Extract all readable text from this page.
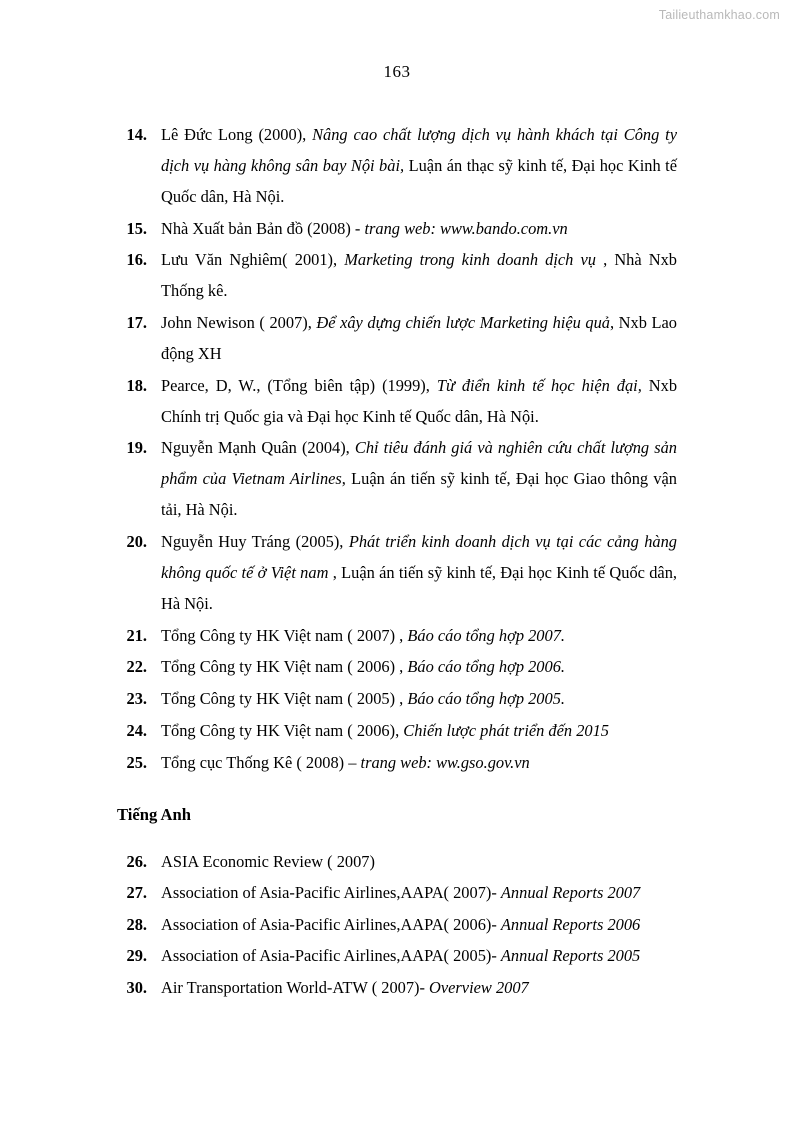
Tailieuthamkhao.com
163
14. Lê Đức Long (2000), Nâng cao chất lượng dịch vụ hành khách tại Công ty dịch vụ hàng không sân bay Nội bài, Luận án thạc sỹ kinh tế, Đại học Kinh tế Quốc dân, Hà Nội.
15. Nhà Xuất bản Bản đồ (2008) - trang web: www.bando.com.vn
16. Lưu Văn Nghiêm( 2001), Marketing trong kinh doanh dịch vụ , Nhà Nxb Thống kê.
17. John Newison ( 2007), Để xây dựng chiến lược Marketing hiệu quả, Nxb Lao động XH
18. Pearce, D, W., (Tổng biên tập) (1999), Từ điển kinh tế học hiện đại, Nxb Chính trị Quốc gia và Đại học Kinh tế Quốc dân, Hà Nội.
19. Nguyễn Mạnh Quân (2004), Chỉ tiêu đánh giá và nghiên cứu chất lượng sản phẩm của Vietnam Airlines, Luận án tiến sỹ kinh tế, Đại học Giao thông vận tải, Hà Nội.
20. Nguyễn Huy Tráng (2005), Phát triển kinh doanh dịch vụ tại các cảng hàng không quốc tế ở Việt nam , Luận án tiến sỹ kinh tế, Đại học Kinh tế Quốc dân, Hà Nội.
21. Tổng Công ty HK Việt nam ( 2007) , Báo cáo tổng hợp 2007.
22. Tổng Công ty HK Việt nam ( 2006) , Báo cáo tổng hợp 2006.
23. Tổng Công ty HK Việt nam ( 2005) , Báo cáo tổng hợp 2005.
24. Tổng Công ty HK Việt nam ( 2006), Chiến lược phát triển đến 2015
25. Tổng cục Thống Kê ( 2008) – trang web: ww.gso.gov.vn
Tiếng Anh
26. ASIA Economic Review ( 2007)
27. Association of Asia-Pacific Airlines,AAPA( 2007)- Annual Reports 2007
28. Association of Asia-Pacific Airlines,AAPA( 2006)- Annual Reports 2006
29. Association of Asia-Pacific Airlines,AAPA( 2005)- Annual Reports 2005
30. Air Transportation World-ATW ( 2007)- Overview 2007
